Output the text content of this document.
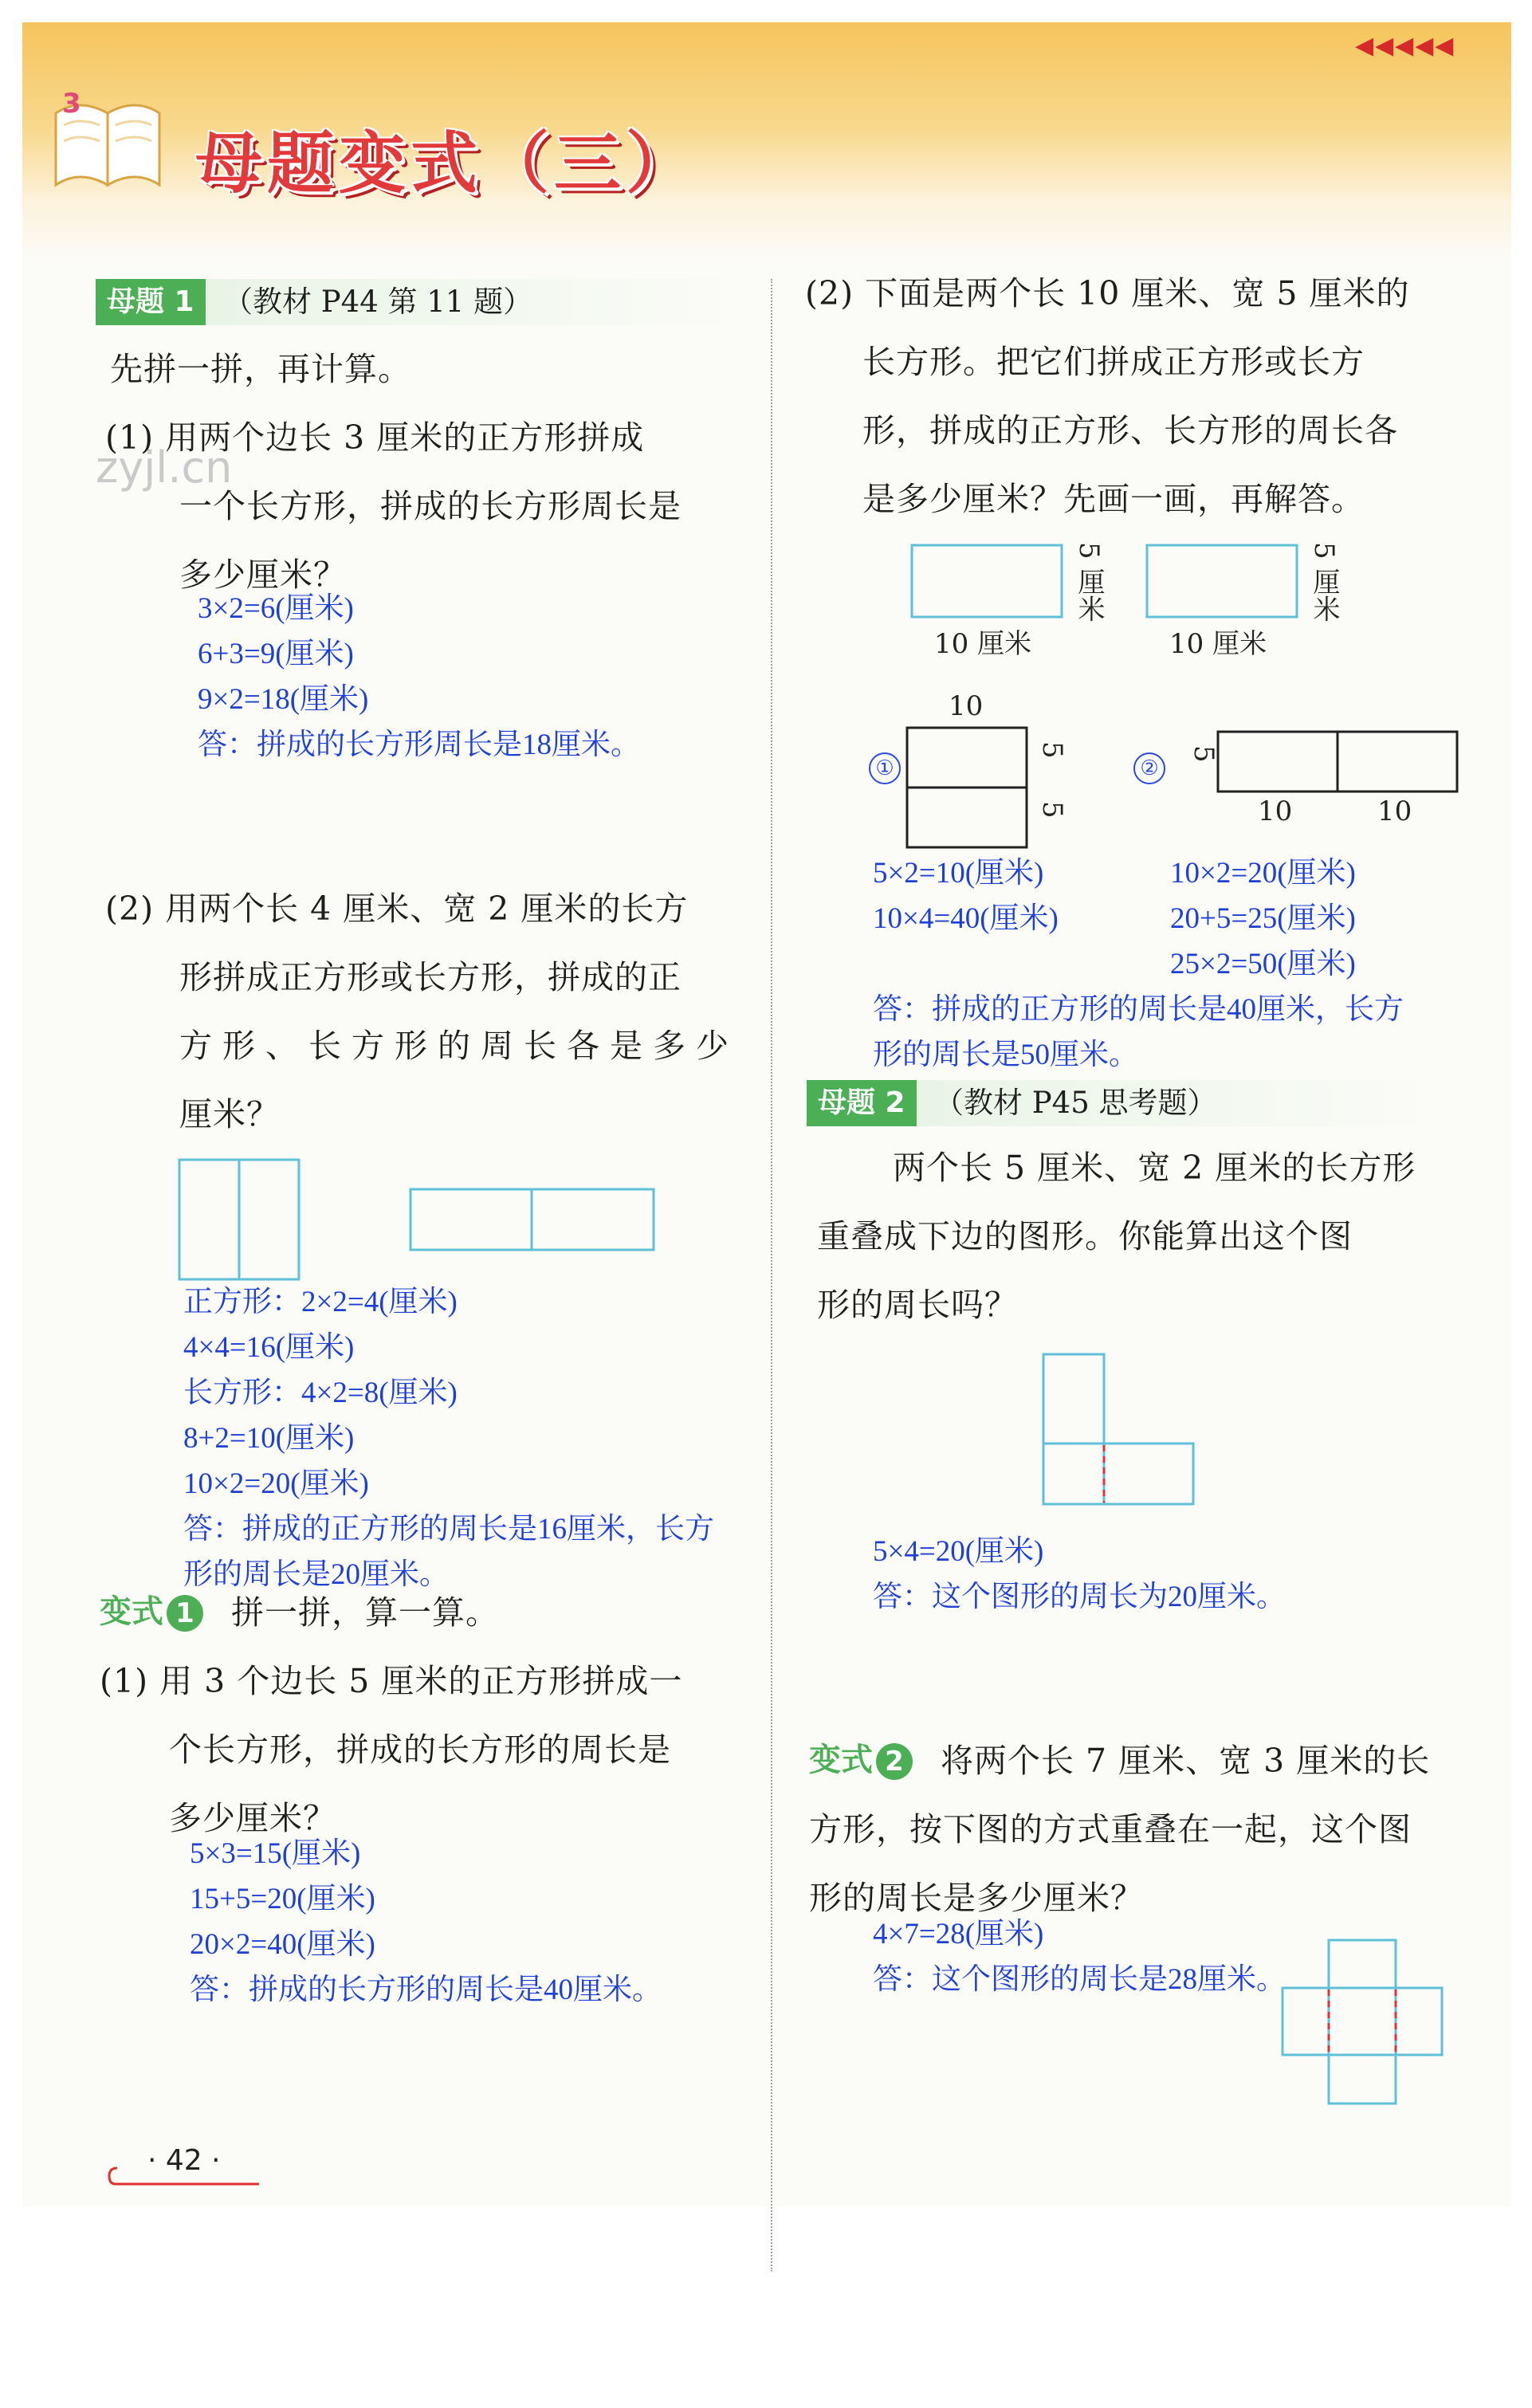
3
母题变式（三）
◀◀◀◀◀
zyjl.cn
母题 1 （教材 P44 第 11 题）
先拼一拼，再计算。
(1) 用两个边长 3 厘米的正方形拼成
一个长方形，拼成的长方形周长是
多少厘米？
3×2=6(厘米)
6+3=9(厘米)
9×2=18(厘米)
答：拼成的长方形周长是18厘米。
(2) 用两个长 4 厘米、宽 2 厘米的长方
形拼成正方形或长方形，拼成的正
方形、长方形的周长各是多少
厘米？
正方形：2×2=4(厘米)
4×4=16(厘米)
长方形：4×2=8(厘米)
8+2=10(厘米)
10×2=20(厘米)
答：拼成的正方形的周长是16厘米，长方
形的周长是20厘米。
变式 1 拼一拼，算一算。
(1) 用 3 个边长 5 厘米的正方形拼成一
个长方形，拼成的长方形的周长是
多少厘米？
5×3=15(厘米)
15+5=20(厘米)
20×2=40(厘米)
答：拼成的长方形的周长是40厘米。
· 42 ·
(2) 下面是两个长 10 厘米、宽 5 厘米的
长方形。把它们拼成正方形或长方
形，拼成的正方形、长方形的周长各
是多少厘米？先画一画，再解答。
10 厘米
5 厘米
10 厘米
5 厘米
①
10
5
5
②
5
10	10
5×2=10(厘米)
10×4=40(厘米)
10×2=20(厘米)
20+5=25(厘米)
25×2=50(厘米)
答：拼成的正方形的周长是40厘米，长方
形的周长是50厘米。
母题 2 （教材 P45 思考题）
两个长 5 厘米、宽 2 厘米的长方形
重叠成下边的图形。你能算出这个图
形的周长吗？
5×4=20(厘米)
答：这个图形的周长为20厘米。
变式 2 将两个长 7 厘米、宽 3 厘米的长
方形，按下图的方式重叠在一起，这个图
形的周长是多少厘米？
4×7=28(厘米)
答：这个图形的周长是28厘米。
